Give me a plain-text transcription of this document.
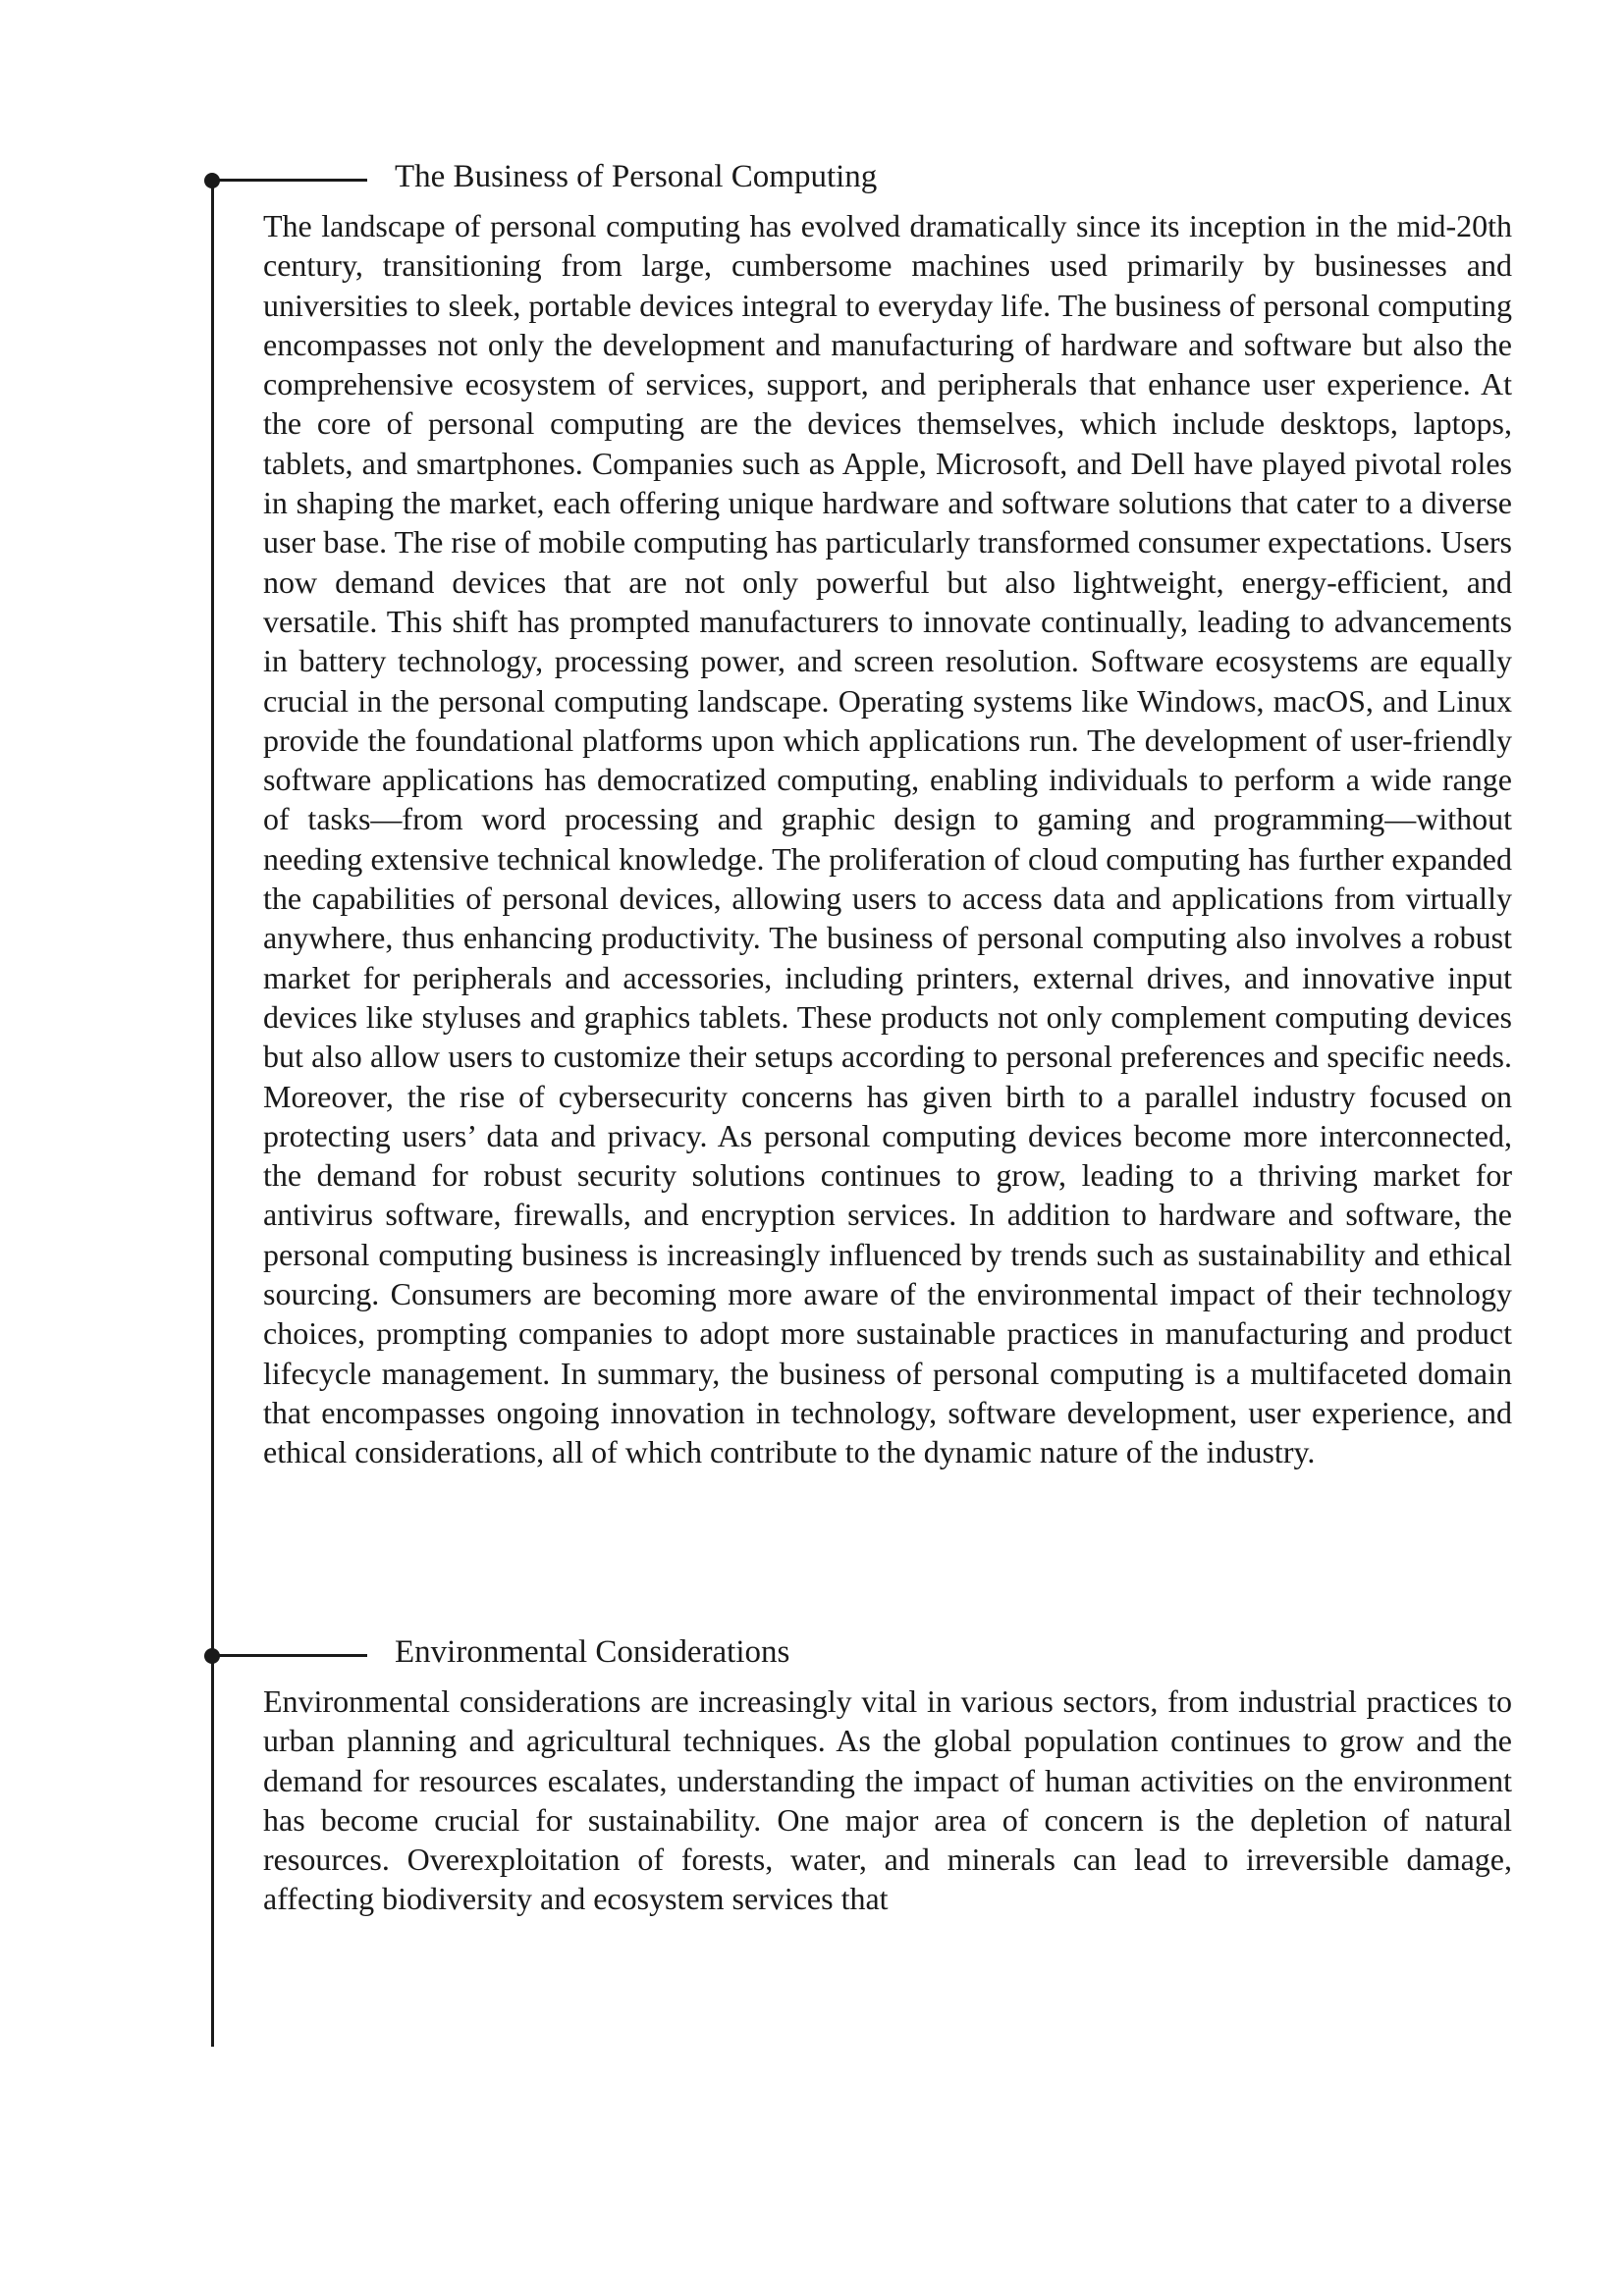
The Business of Personal Computing

The landscape of personal computing has evolved dramatically since its inception in the mid-20th century, transitioning from large, cumbersome machines used primarily by businesses and universities to sleek, portable devices integral to everyday life. The business of personal computing encompasses not only the development and manufacturing of hardware and software but also the comprehensive ecosystem of services, support, and peripherals that enhance user experience. At the core of personal computing are the devices themselves, which include desktops, laptops, tablets, and smartphones. Companies such as Apple, Microsoft, and Dell have played pivotal roles in shaping the market, each offering unique hardware and software solutions that cater to a diverse user base. The rise of mobile computing has particularly transformed consumer expectations. Users now demand devices that are not only powerful but also lightweight, energy-efficient, and versatile. This shift has prompted manufacturers to innovate continually, leading to advancements in battery technology, processing power, and screen resolution. Software ecosystems are equally crucial in the personal computing landscape. Operating systems like Windows, macOS, and Linux provide the foundational platforms upon which applications run. The development of user-friendly software applications has democratized computing, enabling individuals to perform a wide range of tasks—from word processing and graphic design to gaming and programming—without needing extensive technical knowledge. The proliferation of cloud computing has further expanded the capabilities of personal devices, allowing users to access data and applications from virtually anywhere, thus enhancing productivity. The business of personal computing also involves a robust market for peripherals and accessories, including printers, external drives, and innovative input devices like styluses and graphics tablets. These products not only complement computing devices but also allow users to customize their setups according to personal preferences and specific needs. Moreover, the rise of cybersecurity concerns has given birth to a parallel industry focused on protecting users’ data and privacy. As personal computing devices become more interconnected, the demand for robust security solutions continues to grow, leading to a thriving market for antivirus software, firewalls, and encryption services. In addition to hardware and software, the personal computing business is increasingly influenced by trends such as sustainability and ethical sourcing. Consumers are becoming more aware of the environmental impact of their technology choices, prompting companies to adopt more sustainable practices in manufacturing and product lifecycle management. In summary, the business of personal computing is a multifaceted domain that encompasses ongoing innovation in technology, software development, user experience, and ethical considerations, all of which contribute to the dynamic nature of the industry.

Environmental Considerations

Environmental considerations are increasingly vital in various sectors, from industrial practices to urban planning and agricultural techniques. As the global population continues to grow and the demand for resources escalates, understanding the impact of human activities on the environment has become crucial for sustainability. One major area of concern is the depletion of natural resources. Overexploitation of forests, water, and minerals can lead to irreversible damage, affecting biodiversity and ecosystem services that
